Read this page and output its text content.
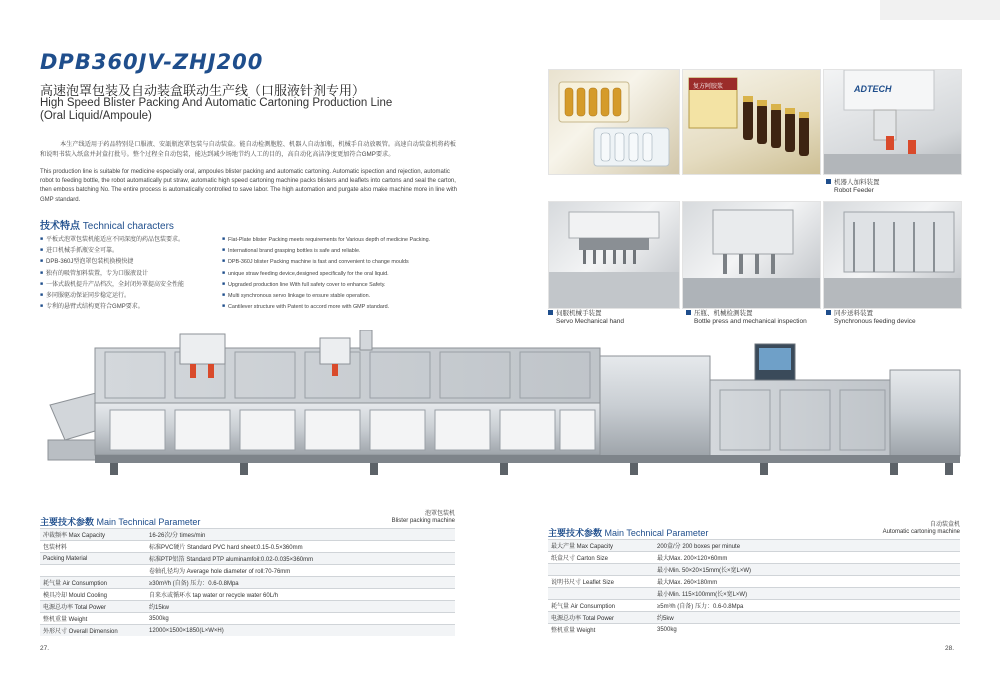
DPB360JV-ZHJ200
高速泡罩包装及自动装盒联动生产线（口服液针剂专用）
High Speed Blister Packing And Automatic Cartoning Production Line
(Oral Liquid/Ampoule)
本生产线适用于药品特别是口服液、安瓿瓶泡罩包装与自动装盒。能自动检测胞腔、机器人自动加瓶，机械手自动放吸管。高速自动装盒机将药板和说明书装入纸盒并封盒打批号。整个过程全自动包装，能达到减少场地节约人工的目的，高自动化高洁净度更加符合GMP要求。
This production line is suitable for medicine especially oral, ampoules blister packing and automatic cartoning. Automatic ispection and rejection, automatic robot to feeding bottle, the robot automatically put straw, automatic high speed cartoning machine packs blisters and leaflets into cartons and seal the carton, then emboss batching No. The entire process is automatically controlled to save labor. The high automation and purgate also make machine more in line with GMP standard.
技术特点 Technical characters
■ 平板式泡罩包装机能适应不同深度的药品包装要求。
■ 进口机械手抓瓶安全可靠。
■ DPB-360J型泡罩包装机换模快捷
■ 独有的吸管加料装置，专为口服液设计
■ 一体式载机提升产品档次，全封闭外罩提高安全性能
■ 多同服驱动保证同步稳定运行。
■ 专利的悬臂式结构更符合GMP要求。
■ Flat-Plate blister Packing meets requirements for Various depth of medicine Packing.
■ International brand grasping bottles is safe and reliable.
■ DPB-360J blister Packing machine is fast and convenient to change moulds
■ unique straw feeding device,designed specifically for the oral liquid.
■ Upgraded production line With full safety cover to enhance Safety.
■ Multi synchronous servo linkage to ensure stable operation.
■ Cantilever structure with Patent to accord more with GMP standard.
复方阿胶浆	ADTECH
机器人加料装置
Robot Feeder
伺服机械手装置
Servo Mechanical hand
压瓶、机械检测装置
Bottle press and mechanical inspection
同步送料装置
Synchronous feeding device
主要技术参数 Main Technical Parameter
泡罩包装机
Blister packing machine
冲裁频率 Max Capacity	16-26次/分 times/min
包装材料	标准PVC硬片 Standard PVC hard sheet:0.15-0.5×360mm
Packing Material	标准PTP铝箔 Standard PTP aluminamfoil:0.02-0.035×360mm
	卷轴孔径均为 Average hole diameter of roll:70-76mm
耗气量 Air Consumption	≥30m³/h (自备) 压力：0.6-0.8Mpa
模具冷却 Mould Cooling	自来水或循环水 tap water or recycle water 60L/h
电源总功率 Total Power	约15kw
整机重量 Weight	3500kg
外形尺寸 Overall Dimension	12000×1500×1850(L×W×H)
主要技术参数 Main Technical Parameter
自动装盒机
Automatic cartoning machine
最大产量 Max Capacity	200盒/分 200 boxes per minute
纸盒尺寸 Carton Size	最大Max. 200×120×60mm
	最小Min. 50×20×15mm(长×宽L×W)
说明书尺寸 Leaflet Size	最大Max. 260×180mm
	最小Min. 115×100mm(长×宽L×W)
耗气量 Air Consumption	≥5m³/h (自备) 压力：0.6-0.8Mpa
电源总功率 Total Power	约5kw
整机重量 Weight	3500kg
27.	28.
